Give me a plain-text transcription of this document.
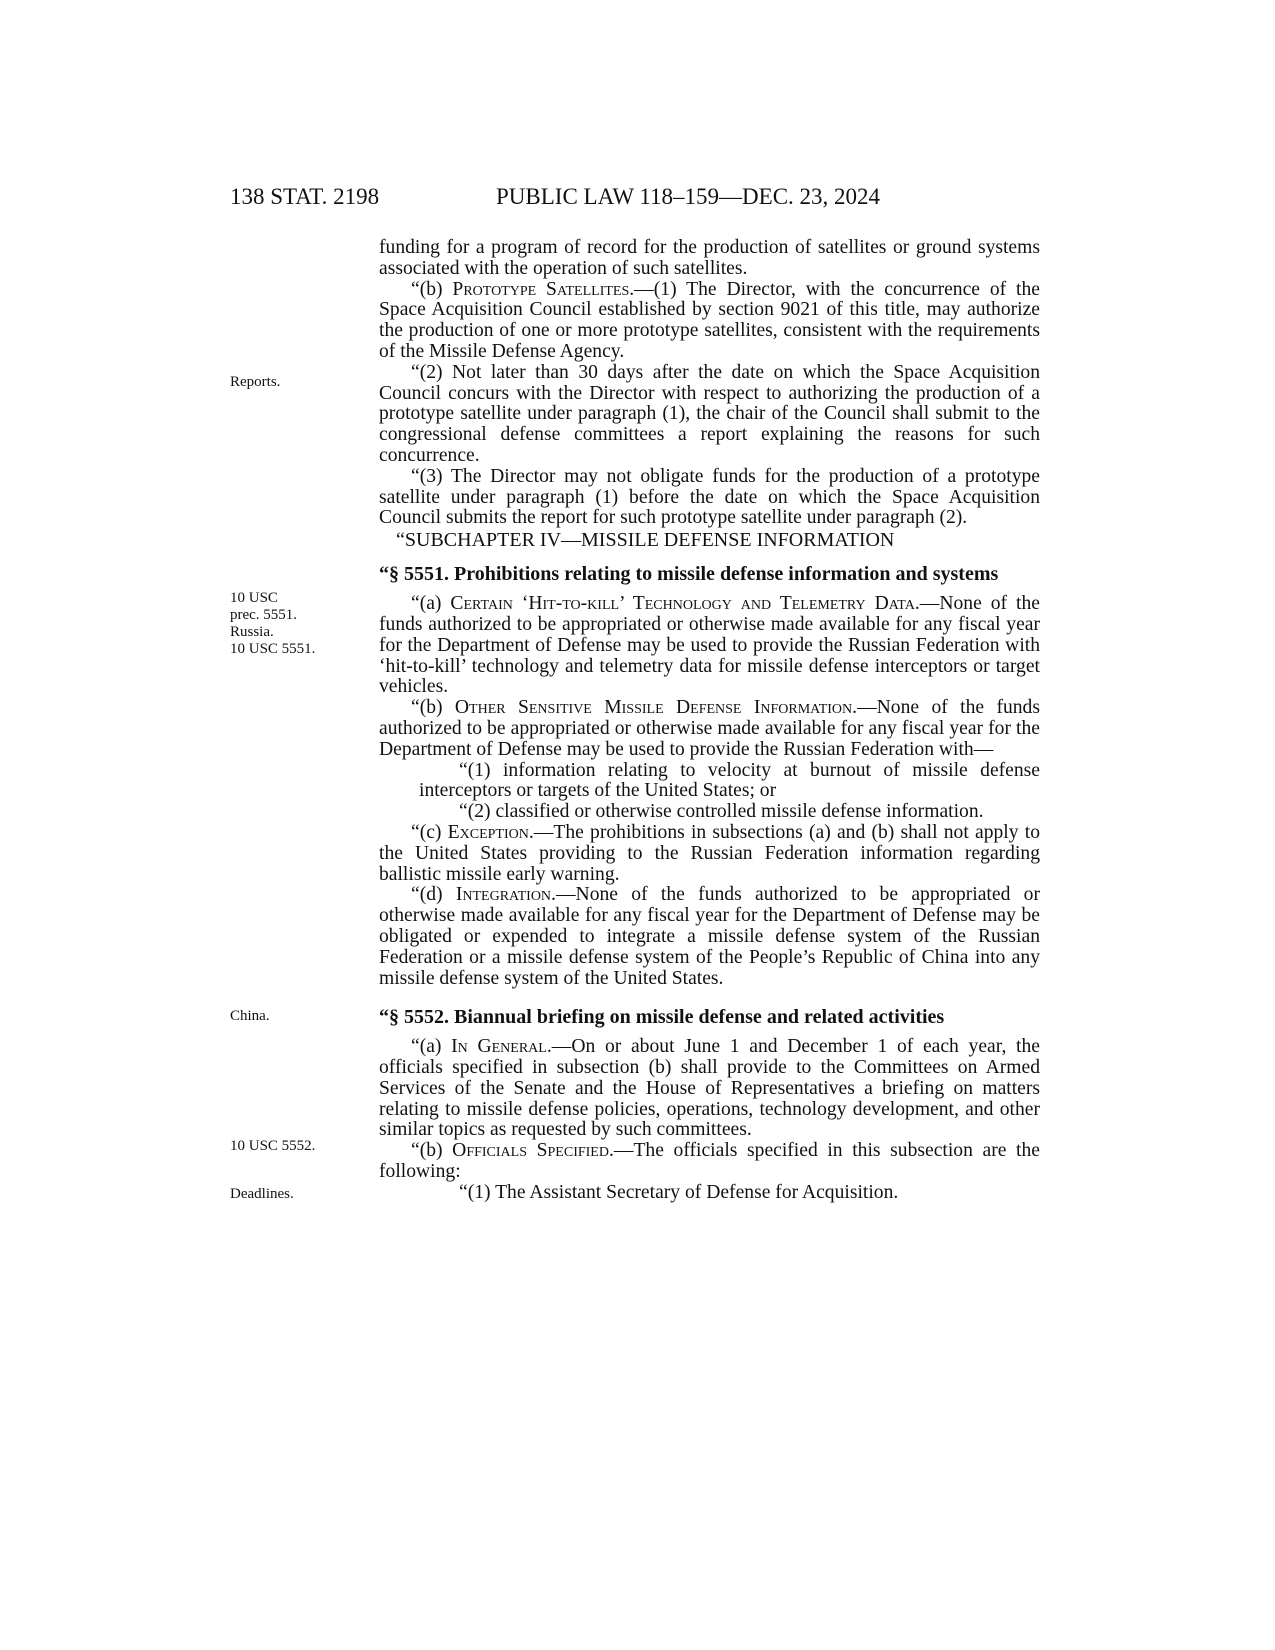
138 STAT. 2198	PUBLIC LAW 118–159—DEC. 23, 2024

Reports.

10 USC
prec. 5551.
Russia.
10 USC 5551.

China.

10 USC 5552.

Deadlines.

funding for a program of record for the production of satellites or ground systems associated with the operation of such satellites.

“(b) Prototype Satellites.—(1) The Director, with the concurrence of the Space Acquisition Council established by section 9021 of this title, may authorize the production of one or more prototype satellites, consistent with the requirements of the Missile Defense Agency.

“(2) Not later than 30 days after the date on which the Space Acquisition Council concurs with the Director with respect to authorizing the production of a prototype satellite under paragraph (1), the chair of the Council shall submit to the congressional defense committees a report explaining the reasons for such concurrence.

“(3) The Director may not obligate funds for the production of a prototype satellite under paragraph (1) before the date on which the Space Acquisition Council submits the report for such prototype satellite under paragraph (2).

“SUBCHAPTER IV—MISSILE DEFENSE INFORMATION

“§ 5551. Prohibitions relating to missile defense information and systems

“(a) Certain ‘Hit-to-kill’ Technology and Telemetry Data.—None of the funds authorized to be appropriated or otherwise made available for any fiscal year for the Department of Defense may be used to provide the Russian Federation with ‘hit-to-kill’ technology and telemetry data for missile defense interceptors or target vehicles.

“(b) Other Sensitive Missile Defense Information.—None of the funds authorized to be appropriated or otherwise made available for any fiscal year for the Department of Defense may be used to provide the Russian Federation with—

“(1) information relating to velocity at burnout of missile defense interceptors or targets of the United States; or

“(2) classified or otherwise controlled missile defense information.

“(c) Exception.—The prohibitions in subsections (a) and (b) shall not apply to the United States providing to the Russian Federation information regarding ballistic missile early warning.

“(d) Integration.—None of the funds authorized to be appropriated or otherwise made available for any fiscal year for the Department of Defense may be obligated or expended to integrate a missile defense system of the Russian Federation or a missile defense system of the People’s Republic of China into any missile defense system of the United States.

“§ 5552. Biannual briefing on missile defense and related activities

“(a) In General.—On or about June 1 and December 1 of each year, the officials specified in subsection (b) shall provide to the Committees on Armed Services of the Senate and the House of Representatives a briefing on matters relating to missile defense policies, operations, technology development, and other similar topics as requested by such committees.

“(b) Officials Specified.—The officials specified in this subsection are the following:

“(1) The Assistant Secretary of Defense for Acquisition.
